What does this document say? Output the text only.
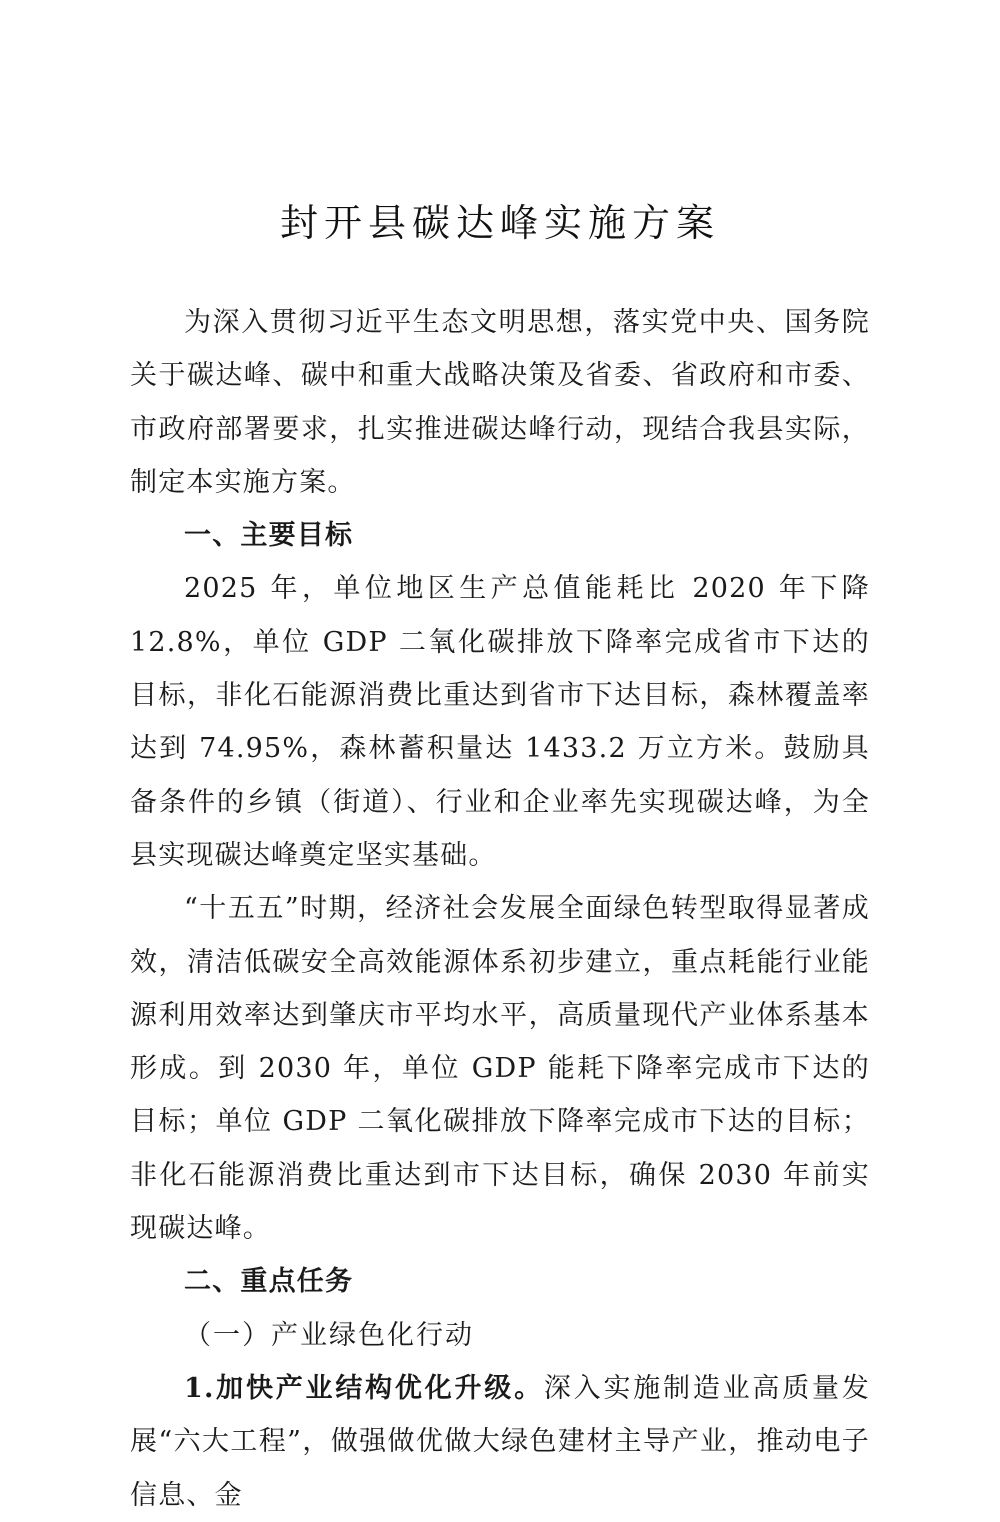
封开县碳达峰实施方案

为深入贯彻习近平生态文明思想，落实党中央、国务院关于碳达峰、碳中和重大战略决策及省委、省政府和市委、市政府部署要求，扎实推进碳达峰行动，现结合我县实际，制定本实施方案。

一、主要目标

2025 年，单位地区生产总值能耗比 2020 年下降 12.8%，单位 GDP 二氧化碳排放下降率完成省市下达的目标，非化石能源消费比重达到省市下达目标，森林覆盖率达到 74.95%，森林蓄积量达 1433.2 万立方米。鼓励具备条件的乡镇（街道）、行业和企业率先实现碳达峰，为全县实现碳达峰奠定坚实基础。

“十五五”时期，经济社会发展全面绿色转型取得显著成效，清洁低碳安全高效能源体系初步建立，重点耗能行业能源利用效率达到肇庆市平均水平，高质量现代产业体系基本形成。到 2030 年，单位 GDP 能耗下降率完成市下达的目标；单位 GDP 二氧化碳排放下降率完成市下达的目标；非化石能源消费比重达到市下达目标，确保 2030 年前实现碳达峰。

二、重点任务

（一）产业绿色化行动

1.加快产业结构优化升级。深入实施制造业高质量发展“六大工程”，做强做优做大绿色建材主导产业，推动电子信息、金
